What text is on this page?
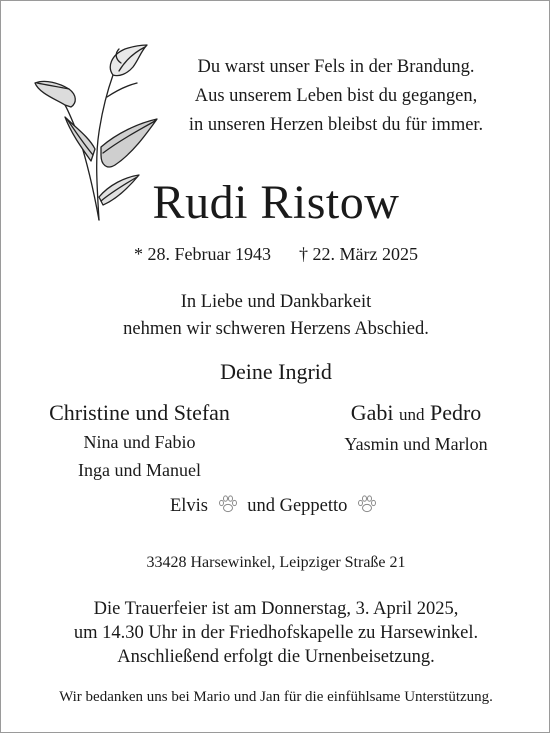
Du warst unser Fels in der Brandung.
Aus unserem Leben bist du gegangen,
in unseren Herzen bleibst du für immer.
Rudi Ristow
* 28. Februar 1943 † 22. März 2025
In Liebe und Dankbarkeit
nehmen wir schweren Herzens Abschied.
Deine Ingrid
Christine und Stefan
Nina und Fabio
Inga und Manuel
Gabi und Pedro
Yasmin und Marlon
Elvis und Geppetto
33428 Harsewinkel, Leipziger Straße 21
Die Trauerfeier ist am Donnerstag, 3. April 2025,
um 14.30 Uhr in der Friedhofskapelle zu Harsewinkel.
Anschließend erfolgt die Urnenbeisetzung.
Wir bedanken uns bei Mario und Jan für die einfühlsame Unterstützung.
